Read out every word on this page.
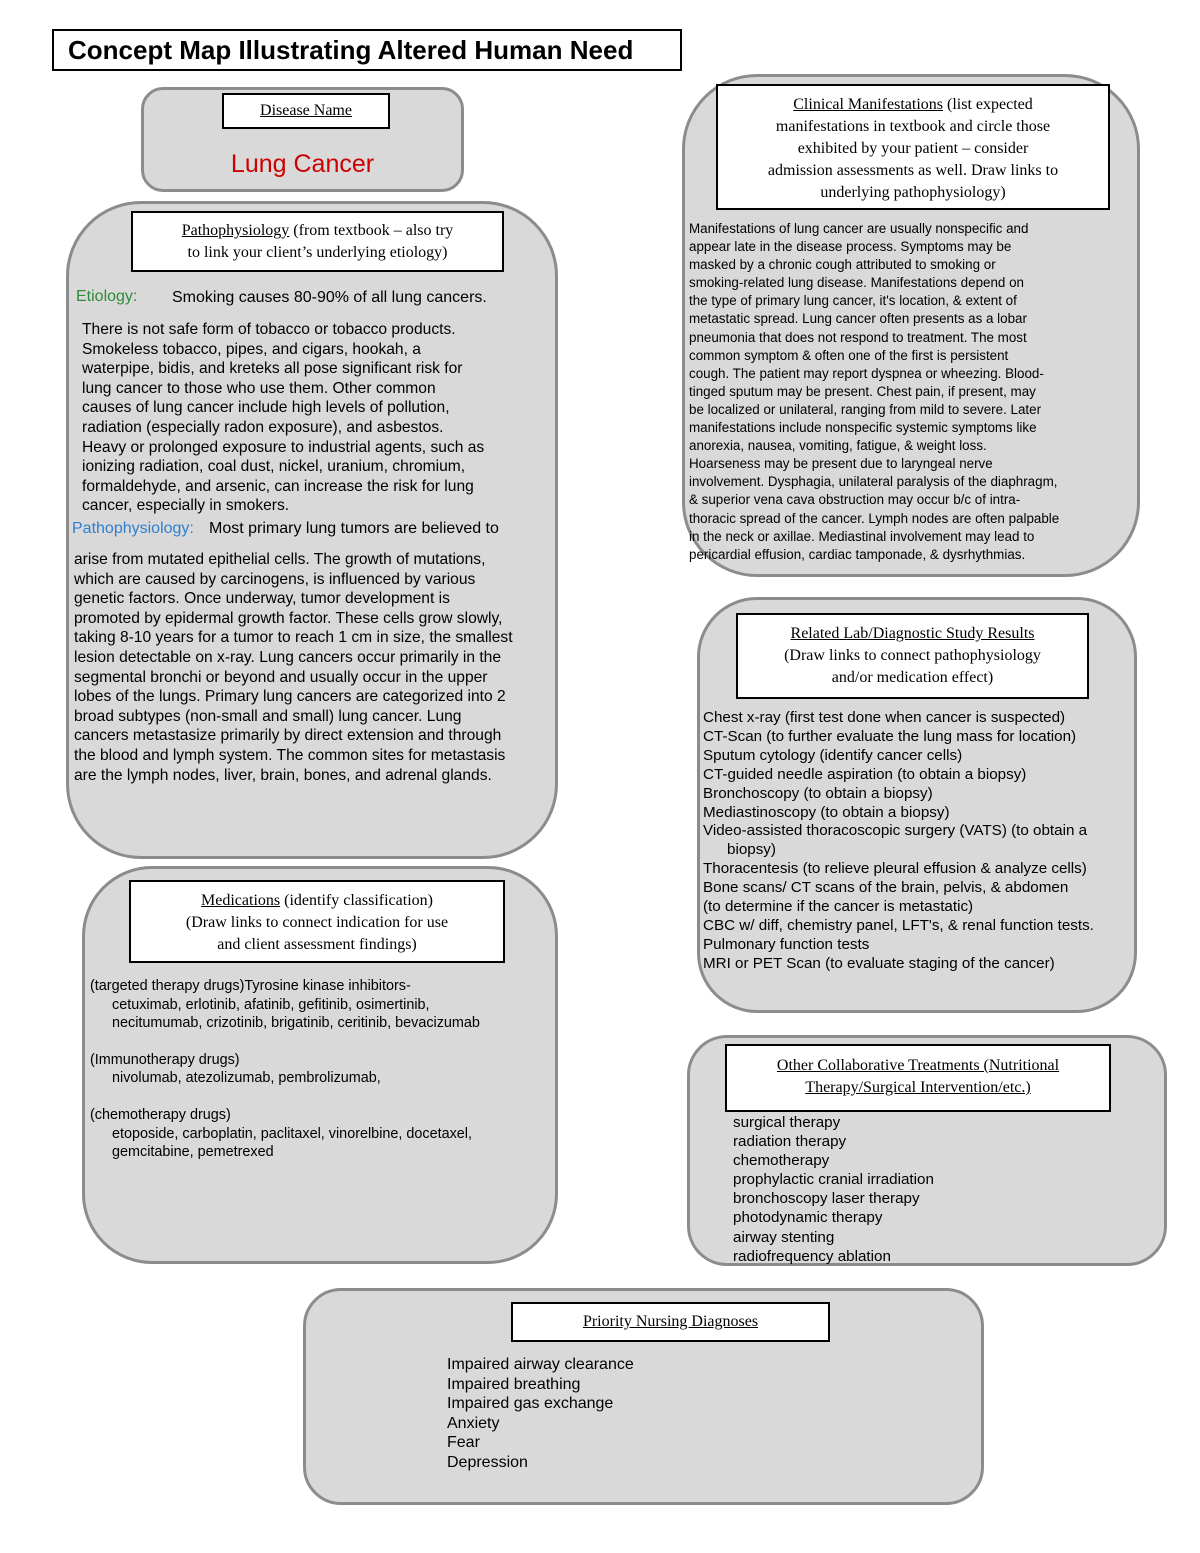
Concept Map Illustrating Altered Human Need
Disease Name
Lung Cancer
Pathophysiology (from textbook – also try
to link your client’s underlying etiology)
Etiology: Smoking causes 80-90% of all lung cancers.
There is not safe form of tobacco or tobacco products.
Smokeless tobacco, pipes, and cigars, hookah, a
waterpipe, bidis, and kreteks all pose significant risk for
lung cancer to those who use them. Other common
causes of lung cancer include high levels of pollution,
radiation (especially radon exposure), and asbestos.
Heavy or prolonged exposure to industrial agents, such as
ionizing radiation, coal dust, nickel, uranium, chromium,
formaldehyde, and arsenic, can increase the risk for lung
cancer, especially in smokers.
Pathophysiology: Most primary lung tumors are believed to
arise from mutated epithelial cells. The growth of mutations,
which are caused by carcinogens, is influenced by various
genetic factors. Once underway, tumor development is
promoted by epidermal growth factor. These cells grow slowly,
taking 8-10 years for a tumor to reach 1 cm in size, the smallest
lesion detectable on x-ray. Lung cancers occur primarily in the
segmental bronchi or beyond and usually occur in the upper
lobes of the lungs. Primary lung cancers are categorized into 2
broad subtypes (non-small and small) lung cancer. Lung
cancers metastasize primarily by direct extension and through
the blood and lymph system. The common sites for metastasis
are the lymph nodes, liver, brain, bones, and adrenal glands.
Clinical Manifestations (list expected
manifestations in textbook and circle those
exhibited by your patient – consider
admission assessments as well. Draw links to
underlying pathophysiology)
Manifestations of lung cancer are usually nonspecific and
appear late in the disease process. Symptoms may be
masked by a chronic cough attributed to smoking or
smoking-related lung disease. Manifestations depend on
the type of primary lung cancer, it's location, & extent of
metastatic spread. Lung cancer often presents as a lobar
pneumonia that does not respond to treatment. The most
common symptom & often one of the first is persistent
cough. The patient may report dyspnea or wheezing. Blood-
tinged sputum may be present. Chest pain, if present, may
be localized or unilateral, ranging from mild to severe. Later
manifestations include nonspecific systemic symptoms like
anorexia, nausea, vomiting, fatigue, & weight loss.
Hoarseness may be present due to laryngeal nerve
involvement. Dysphagia, unilateral paralysis of the diaphragm,
& superior vena cava obstruction may occur b/c of intra-
thoracic spread of the cancer. Lymph nodes are often palpable
in the neck or axillae. Mediastinal involvement may lead to
pericardial effusion, cardiac tamponade, & dysrhythmias.
Related Lab/Diagnostic Study Results
(Draw links to connect pathophysiology
and/or medication effect)
Chest x-ray (first test done when cancer is suspected)
CT-Scan (to further evaluate the lung mass for location)
Sputum cytology (identify cancer cells)
CT-guided needle aspiration (to obtain a biopsy)
Bronchoscopy (to obtain a biopsy)
Mediastinoscopy (to obtain a biopsy)
Video-assisted thoracoscopic surgery (VATS) (to obtain a
biopsy)
Thoracentesis (to relieve pleural effusion & analyze cells)
Bone scans/ CT scans of the brain, pelvis, & abdomen
(to determine if the cancer is metastatic)
CBC w/ diff, chemistry panel, LFT's, & renal function tests.
Pulmonary function tests
MRI or PET Scan (to evaluate staging of the cancer)
Medications (identify classification)
(Draw links to connect indication for use
and client assessment findings)
(targeted therapy drugs)Tyrosine kinase inhibitors-
cetuximab, erlotinib, afatinib, gefitinib, osimertinib,
necitumumab, crizotinib, brigatinib, ceritinib, bevacizumab
(Immunotherapy drugs)
nivolumab, atezolizumab, pembrolizumab,
(chemotherapy drugs)
etoposide, carboplatin, paclitaxel, vinorelbine, docetaxel,
gemcitabine, pemetrexed
Other Collaborative Treatments (Nutritional
Therapy/Surgical Intervention/etc.)
surgical therapy
radiation therapy
chemotherapy
prophylactic cranial irradiation
bronchoscopy laser therapy
photodynamic therapy
airway stenting
radiofrequency ablation
Priority Nursing Diagnoses
Impaired airway clearance
Impaired breathing
Impaired gas exchange
Anxiety
Fear
Depression
